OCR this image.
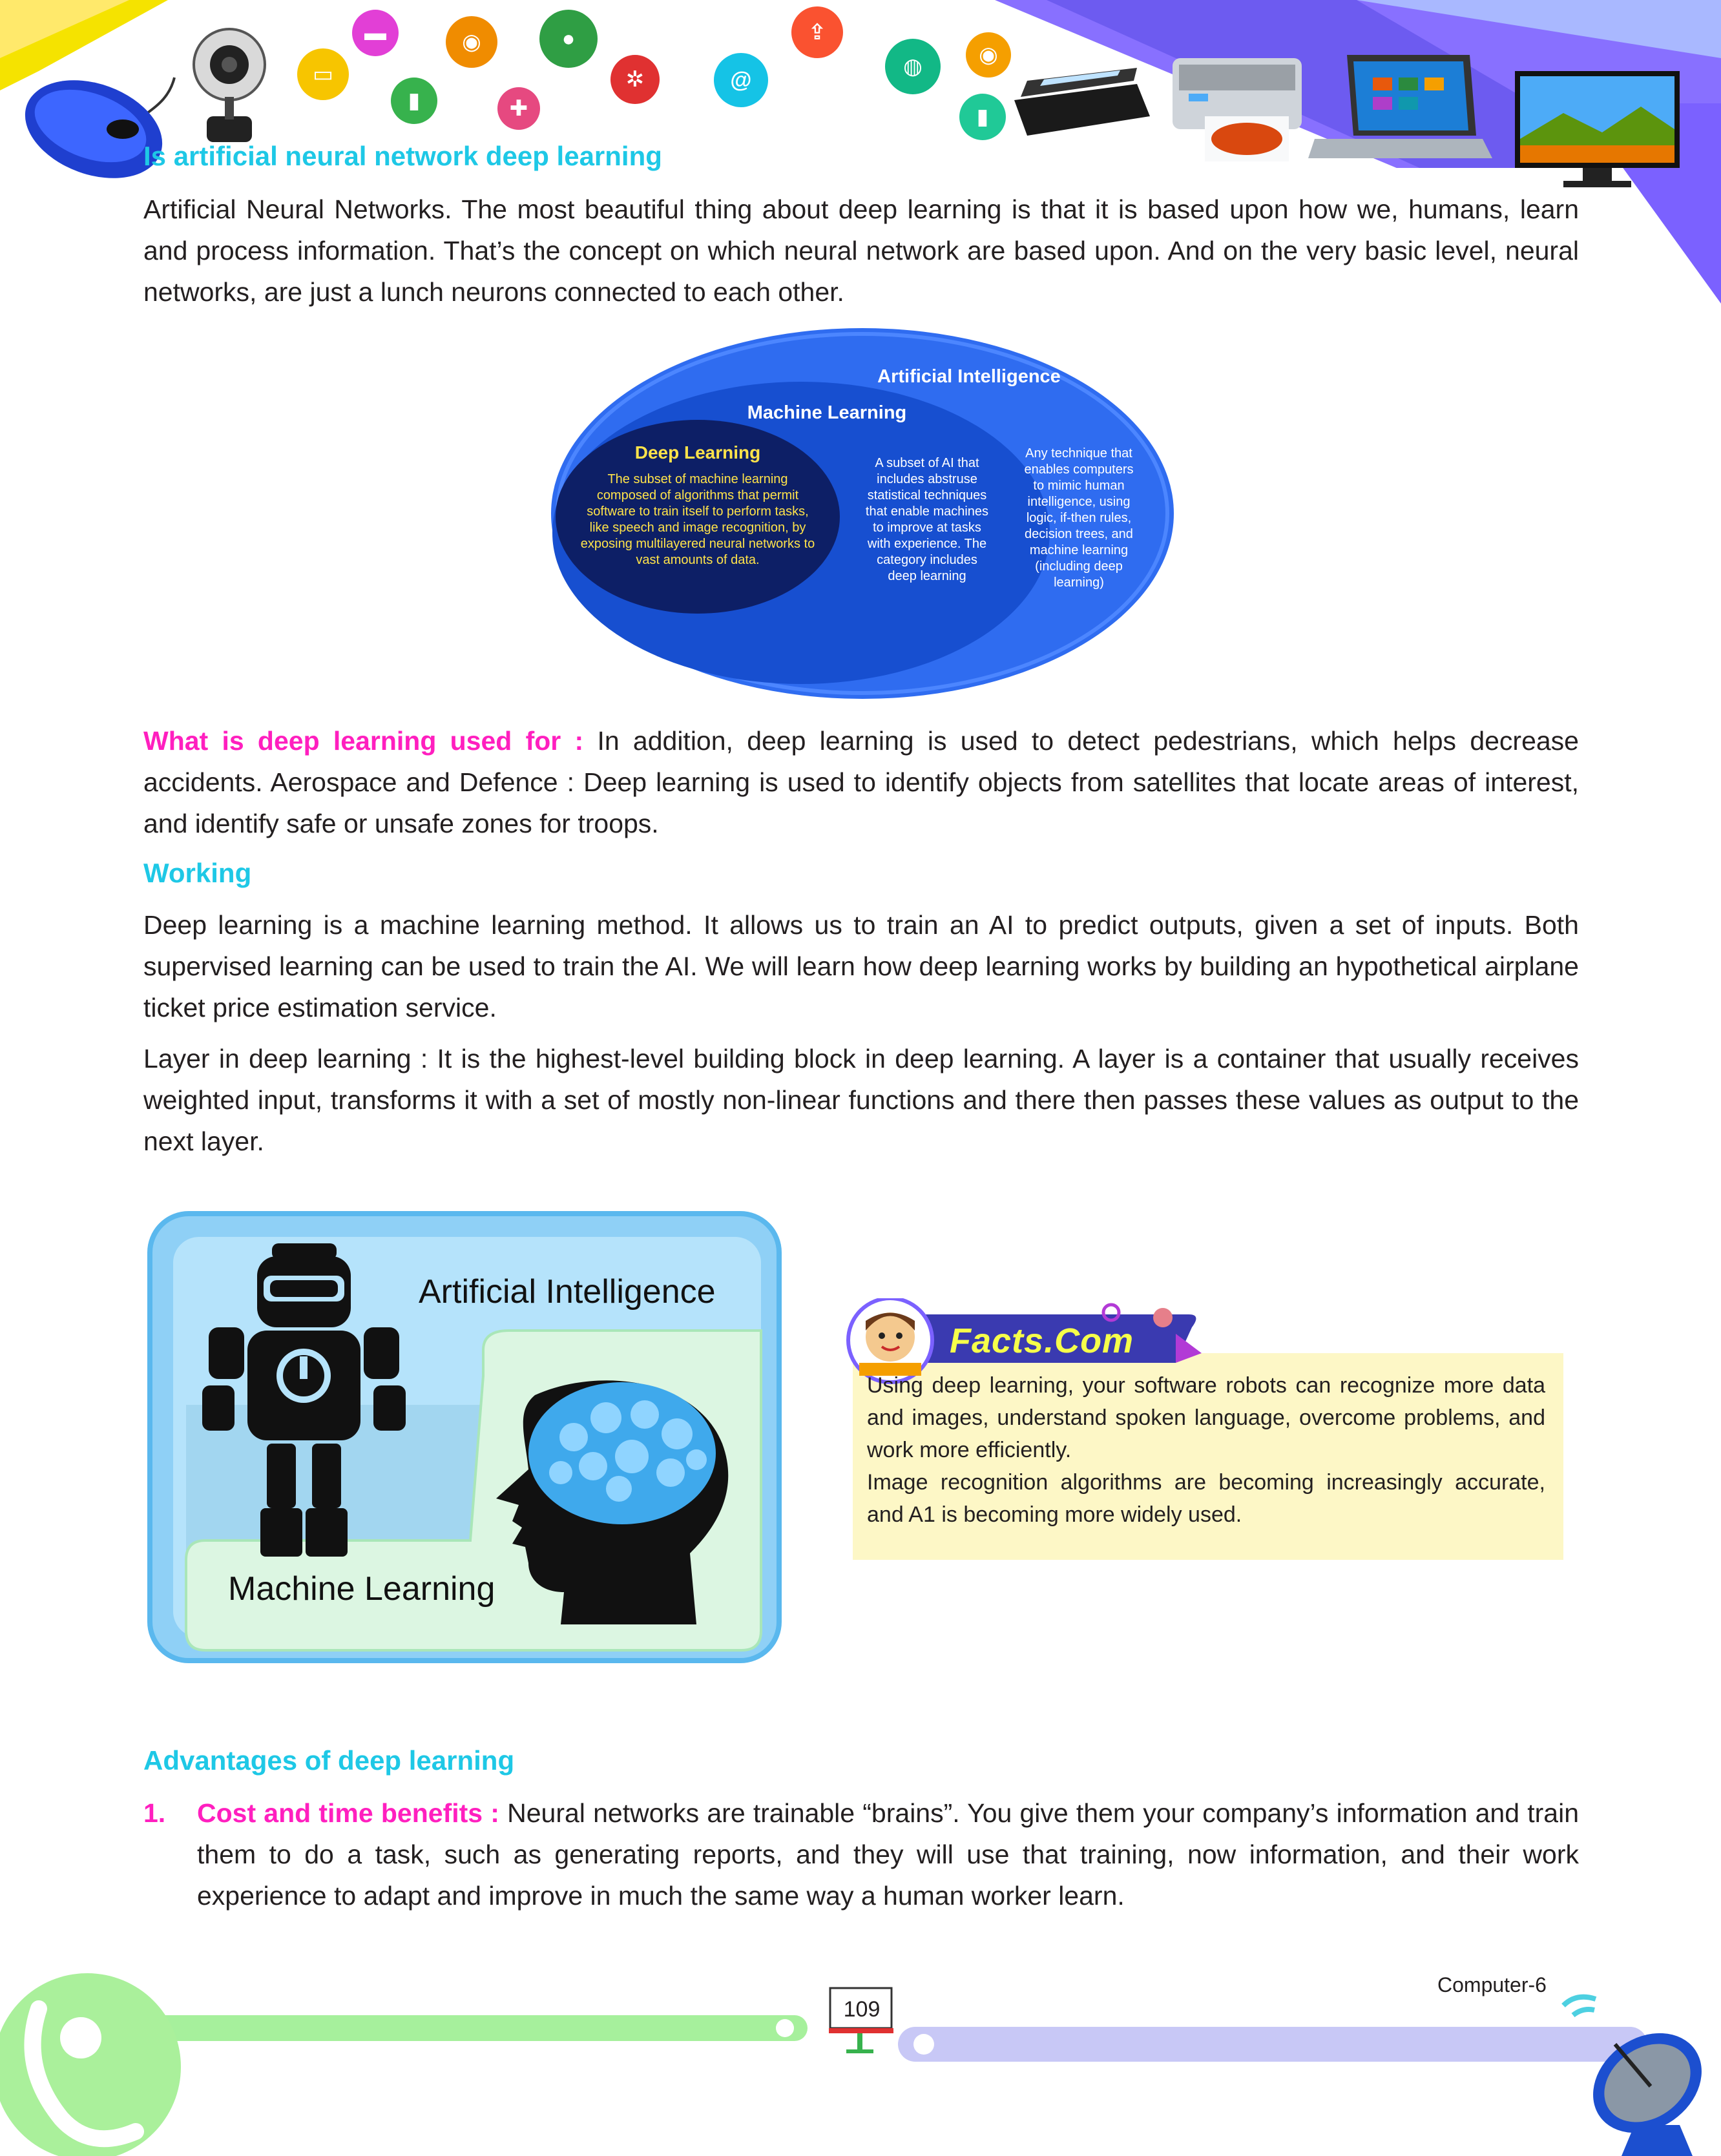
▭
▬
▮
◉
✚
●
✲	@
⇪
◍	◉
▮
Is artificial neural network deep learning

Artificial Neural Networks. The most beautiful thing about deep learning is that it is based upon how we, humans, learn and process information. That’s the concept on which neural network are based upon. And on the very basic level, neural networks, are just a lunch neurons connected to each other.

Artificial Intelligence
Machine Learning
Deep Learning
The subset of machine learning
composed of algorithms that permit
software to train itself to perform tasks,
like speech and image recognition, by
exposing multilayered neural networks to
vast amounts of data.
A subset of AI that
includes abstruse
statistical techniques
that enable machines
to improve at tasks
with experience. The
category includes
deep learning
Any technique that
enables computers
to mimic human
intelligence, using
logic, if-then rules,
decision trees, and
machine learning
(including deep
learning)

What is deep learning used for : In addition, deep learning is used to detect pedestrians, which helps decrease accidents. Aerospace and Defence : Deep learning is used to identify objects from satellites that locate areas of interest, and identify safe or unsafe zones for troops.

Working

Deep learning is a machine learning method. It allows us to train an AI to predict outputs, given a set of inputs. Both supervised learning can be used to train the AI. We will learn how deep learning works by building an hypothetical airplane ticket price estimation service.

Layer in deep learning : It is the highest-level building block in deep learning. A layer is a container that usually receives weighted input, transforms it with a set of mostly non-linear functions and there then passes these values as output to the next layer.

Artificial Intelligence
Machine Learning
Facts.Com
Using deep learning, your software robots can recognize more data and images, understand spoken language, overcome problems, and work more efficiently.
Image recognition algorithms are becoming increasingly accurate, and A1 is becoming more widely used.
Advantages of deep learning
1.	Cost and time benefits : Neural networks are trainable “brains”. You give them your company’s information and train them to do a task, such as generating reports, and they will use that training, now information, and their work experience to adapt and improve in much the same way a human worker learn.

109
Computer-6
